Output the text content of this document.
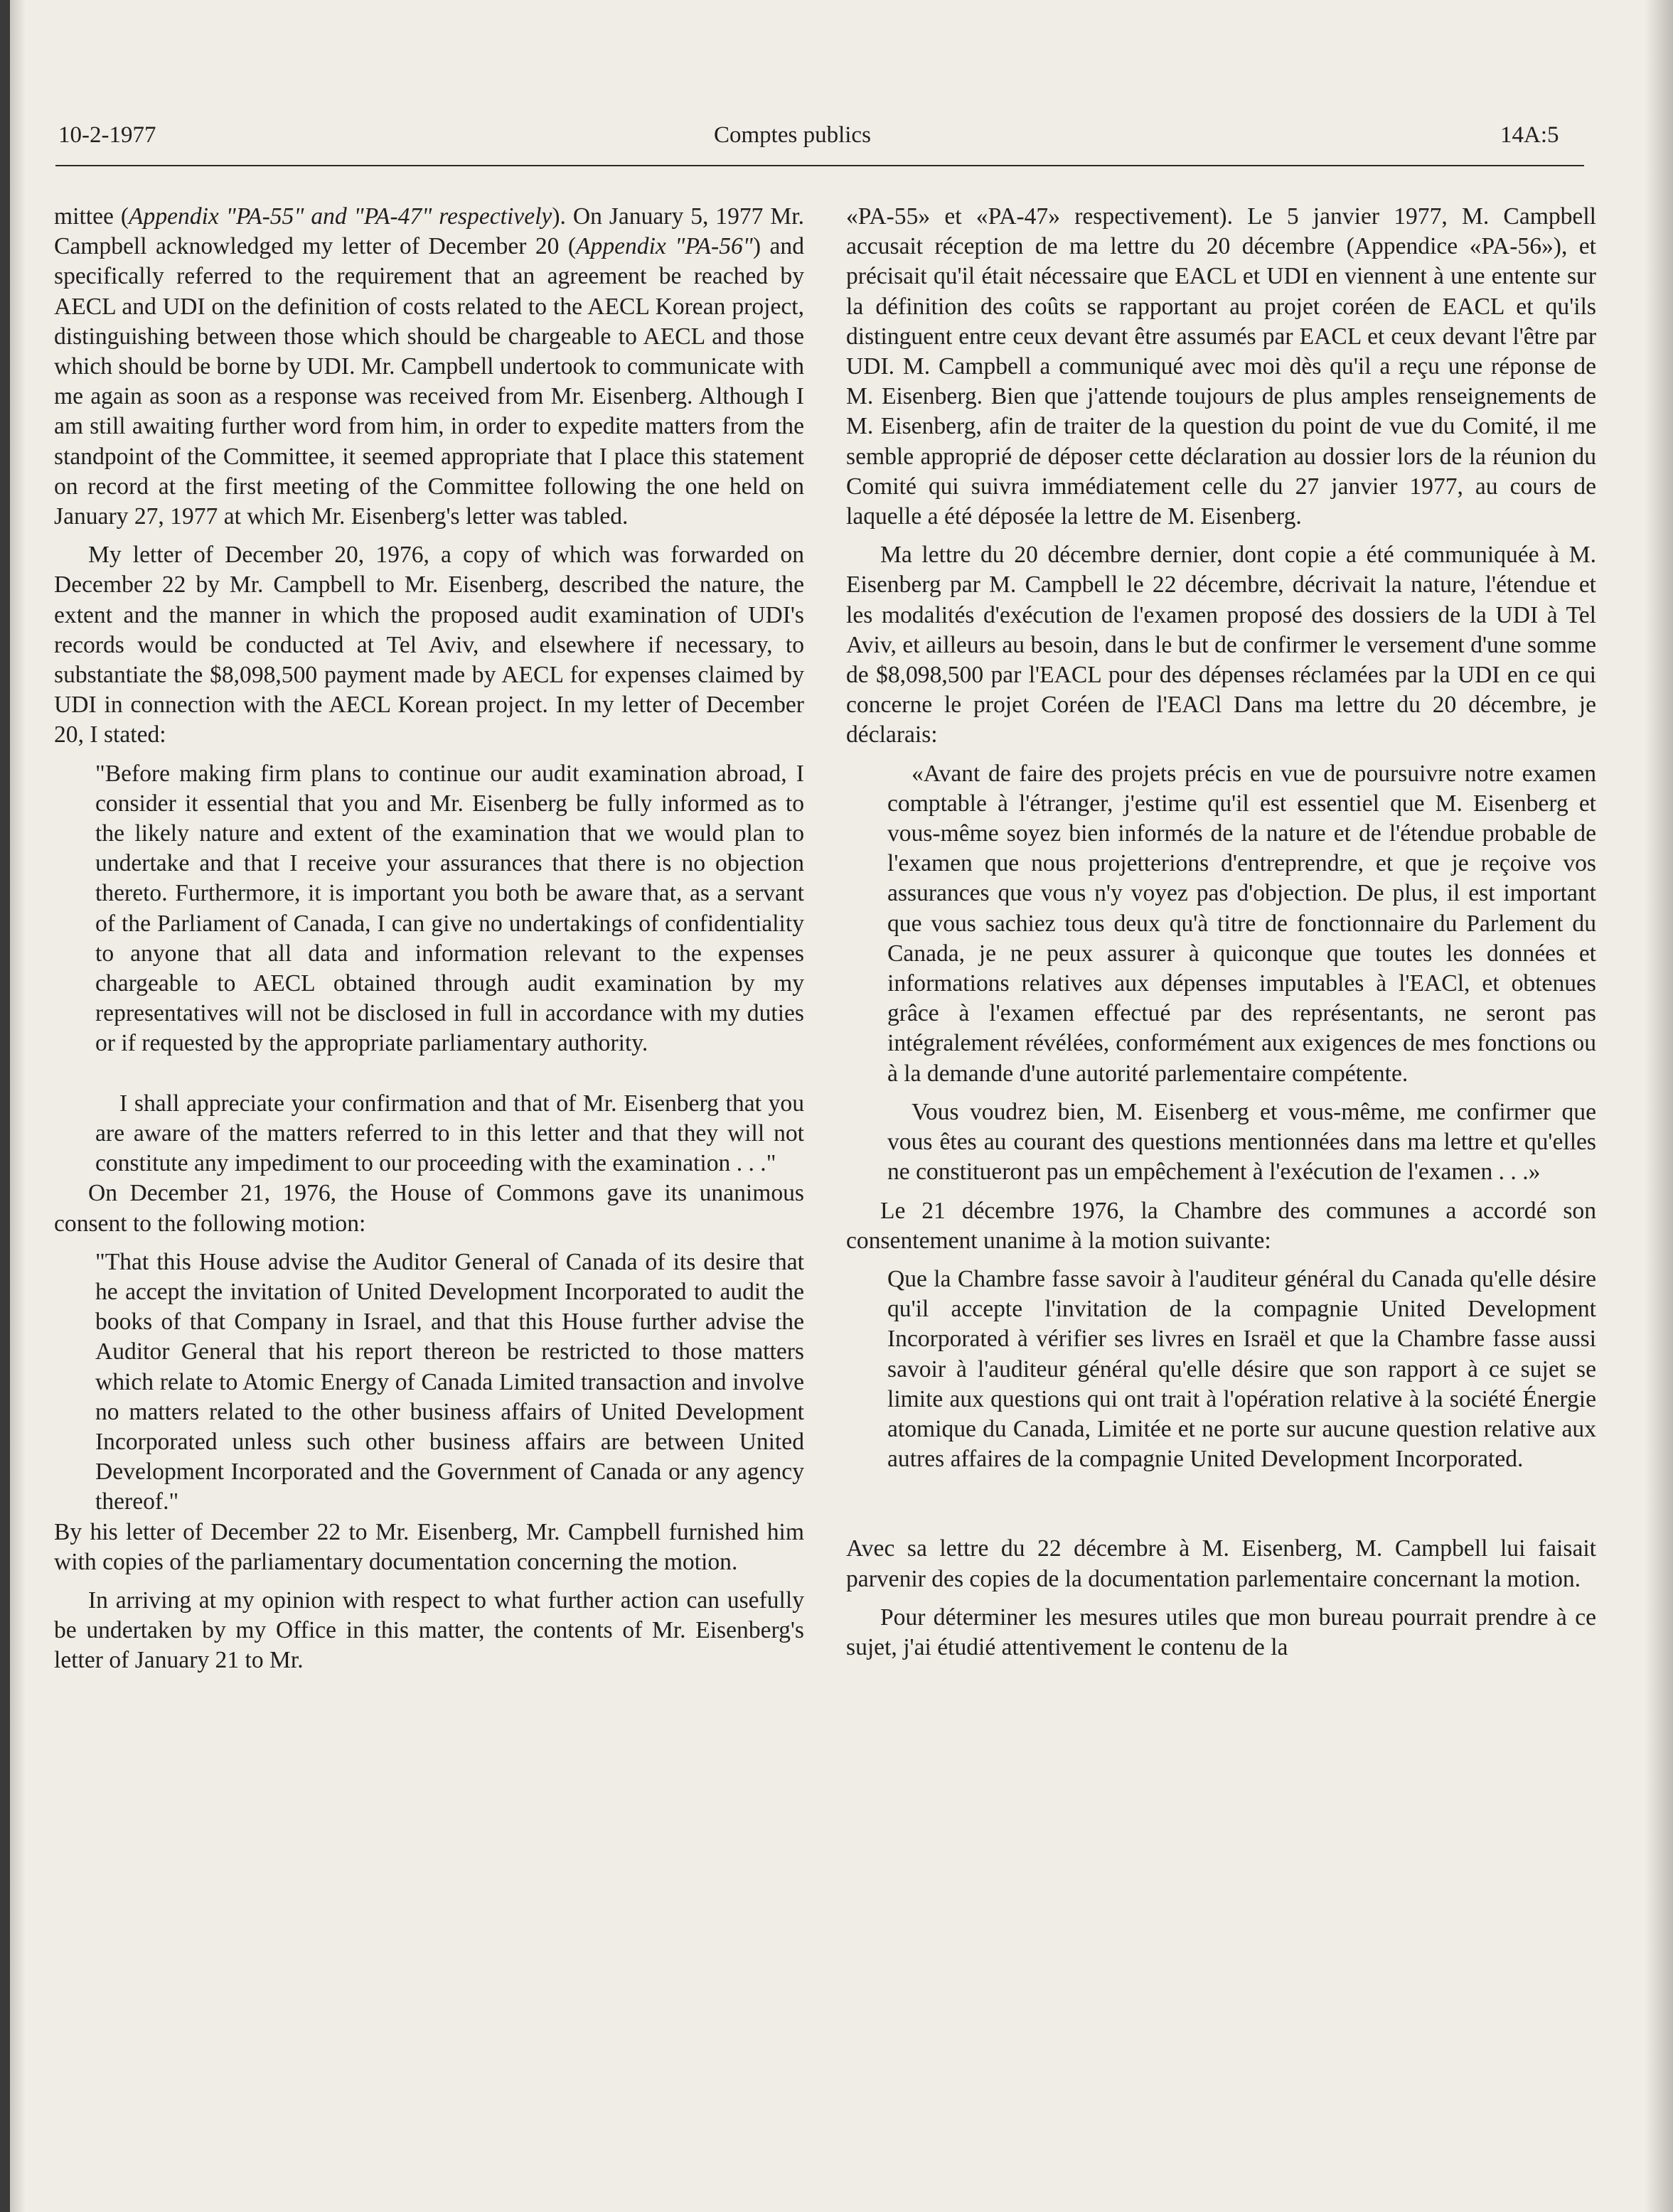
10-2-1977	Comptes publics	14A:5

mittee (Appendix "PA-55" and "PA-47" respectively). On January 5, 1977 Mr. Campbell acknowledged my letter of December 20 (Appendix "PA-56") and specifically referred to the requirement that an agreement be reached by AECL and UDI on the definition of costs related to the AECL Korean project, distinguishing between those which should be chargeable to AECL and those which should be borne by UDI. Mr. Campbell undertook to communicate with me again as soon as a response was received from Mr. Eisenberg. Although I am still awaiting further word from him, in order to expedite matters from the standpoint of the Committee, it seemed appropriate that I place this statement on record at the first meeting of the Committee following the one held on January 27, 1977 at which Mr. Eisenberg's letter was tabled.

My letter of December 20, 1976, a copy of which was forwarded on December 22 by Mr. Campbell to Mr. Eisenberg, described the nature, the extent and the manner in which the proposed audit examination of UDI's records would be conducted at Tel Aviv, and elsewhere if necessary, to substantiate the $8,098,500 payment made by AECL for expenses claimed by UDI in connection with the AECL Korean project. In my letter of December 20, I stated:

"Before making firm plans to continue our audit examination abroad, I consider it essential that you and Mr. Eisenberg be fully informed as to the likely nature and extent of the examination that we would plan to undertake and that I receive your assurances that there is no objection thereto. Furthermore, it is important you both be aware that, as a servant of the Parliament of Canada, I can give no undertakings of confidentiality to anyone that all data and information relevant to the expenses chargeable to AECL obtained through audit examination by my representatives will not be disclosed in full in accordance with my duties or if requested by the appropriate parliamentary authority.

I shall appreciate your confirmation and that of Mr. Eisenberg that you are aware of the matters referred to in this letter and that they will not constitute any impediment to our proceeding with the examination . . ."

On December 21, 1976, the House of Commons gave its unanimous consent to the following motion:

"That this House advise the Auditor General of Canada of its desire that he accept the invitation of United Development Incorporated to audit the books of that Company in Israel, and that this House further advise the Auditor General that his report thereon be restricted to those matters which relate to Atomic Energy of Canada Limited transaction and involve no matters related to the other business affairs of United Development Incorporated unless such other business affairs are between United Development Incorporated and the Government of Canada or any agency thereof."

By his letter of December 22 to Mr. Eisenberg, Mr. Campbell furnished him with copies of the parliamentary documentation concerning the motion.

In arriving at my opinion with respect to what further action can usefully be undertaken by my Office in this matter, the contents of Mr. Eisenberg's letter of January 21 to Mr.

«PA-55» et «PA-47» respectivement). Le 5 janvier 1977, M. Campbell accusait réception de ma lettre du 20 décembre (Appendice «PA-56»), et précisait qu'il était nécessaire que EACL et UDI en viennent à une entente sur la définition des coûts se rapportant au projet coréen de EACL et qu'ils distinguent entre ceux devant être assumés par EACL et ceux devant l'être par UDI. M. Campbell a communiqué avec moi dès qu'il a reçu une réponse de M. Eisenberg. Bien que j'attende toujours de plus amples renseignements de M. Eisenberg, afin de traiter de la question du point de vue du Comité, il me semble approprié de déposer cette déclaration au dossier lors de la réunion du Comité qui suivra immédiatement celle du 27 janvier 1977, au cours de laquelle a été déposée la lettre de M. Eisenberg.

Ma lettre du 20 décembre dernier, dont copie a été communiquée à M. Eisenberg par M. Campbell le 22 décembre, décrivait la nature, l'étendue et les modalités d'exécution de l'examen proposé des dossiers de la UDI à Tel Aviv, et ailleurs au besoin, dans le but de confirmer le versement d'une somme de $8,098,500 par l'EACL pour des dépenses réclamées par la UDI en ce qui concerne le projet Coréen de l'EACl Dans ma lettre du 20 décembre, je déclarais:

«Avant de faire des projets précis en vue de poursuivre notre examen comptable à l'étranger, j'estime qu'il est essentiel que M. Eisenberg et vous-même soyez bien informés de la nature et de l'étendue probable de l'examen que nous projetterions d'entreprendre, et que je reçoive vos assurances que vous n'y voyez pas d'objection. De plus, il est important que vous sachiez tous deux qu'à titre de fonctionnaire du Parlement du Canada, je ne peux assurer à quiconque que toutes les données et informations relatives aux dépenses imputables à l'EACl, et obtenues grâce à l'examen effectué par des représentants, ne seront pas intégralement révélées, conformément aux exigences de mes fonctions ou à la demande d'une autorité parlementaire compétente.

Vous voudrez bien, M. Eisenberg et vous-même, me confirmer que vous êtes au courant des questions mentionnées dans ma lettre et qu'elles ne constitueront pas un empêchement à l'exécution de l'examen . . .»

Le 21 décembre 1976, la Chambre des communes a accordé son consentement unanime à la motion suivante:

Que la Chambre fasse savoir à l'auditeur général du Canada qu'elle désire qu'il accepte l'invitation de la compagnie United Development Incorporated à vérifier ses livres en Israël et que la Chambre fasse aussi savoir à l'auditeur général qu'elle désire que son rapport à ce sujet se limite aux questions qui ont trait à l'opération relative à la société Énergie atomique du Canada, Limitée et ne porte sur aucune question relative aux autres affaires de la compagnie United Development Incorporated.

Avec sa lettre du 22 décembre à M. Eisenberg, M. Campbell lui faisait parvenir des copies de la documentation parlementaire concernant la motion.

Pour déterminer les mesures utiles que mon bureau pourrait prendre à ce sujet, j'ai étudié attentivement le contenu de la
